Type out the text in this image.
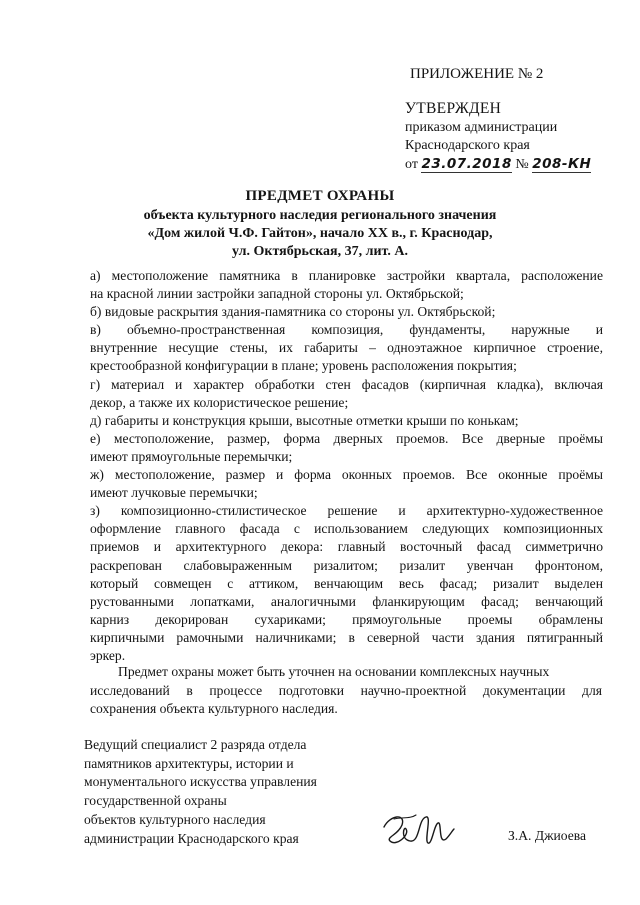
ПРИЛОЖЕНИЕ № 2
УТВЕРЖДЕН
приказом администрации
Краснодарского края
от 23.07.2018 № 208-КН
ПРЕДМЕТ ОХРАНЫ
объекта культурного наследия регионального значения
«Дом жилой Ч.Ф. Гайтон», начало XX в., г. Краснодар,
ул. Октябрьская, 37, лит. А.
а) местоположение памятника в планировке застройки квартала, расположение
на красной линии застройки западной стороны ул. Октябрьской;
б) видовые раскрытия здания-памятника со стороны ул. Октябрьской;
в) объемно-пространственная композиция, фундаменты, наружные и
внутренние несущие стены, их габариты – одноэтажное кирпичное строение,
крестообразной конфигурации в плане; уровень расположения покрытия;
г) материал и характер обработки стен фасадов (кирпичная кладка), включая
декор, а также их колористическое решение;
д) габариты и конструкция крыши, высотные отметки крыши по конькам;
е) местоположение, размер, форма дверных проемов. Все дверные проёмы
имеют прямоугольные перемычки;
ж) местоположение, размер и форма оконных проемов. Все оконные проёмы
имеют лучковые перемычки;
з) композиционно-стилистическое решение и архитектурно-художественное
оформление главного фасада с использованием следующих композиционных
приемов и архитектурного декора: главный восточный фасад симметрично
раскрепован слабовыраженным ризалитом; ризалит увенчан фронтоном,
который совмещен с аттиком, венчающим весь фасад; ризалит выделен
рустованными лопатками, аналогичными фланкирующим фасад; венчающий
карниз декорирован сухариками; прямоугольные проемы обрамлены
кирпичными рамочными наличниками; в северной части здания пятигранный
эркер.
Предмет охраны может быть уточнен на основании комплексных научных
исследований в процессе подготовки научно-проектной документации для
сохранения объекта культурного наследия.
Ведущий специалист 2 разряда отдела
памятников архитектуры, истории и
монументального искусства управления
государственной охраны
объектов культурного наследия
администрации Краснодарского края	З.А. Джиоева
